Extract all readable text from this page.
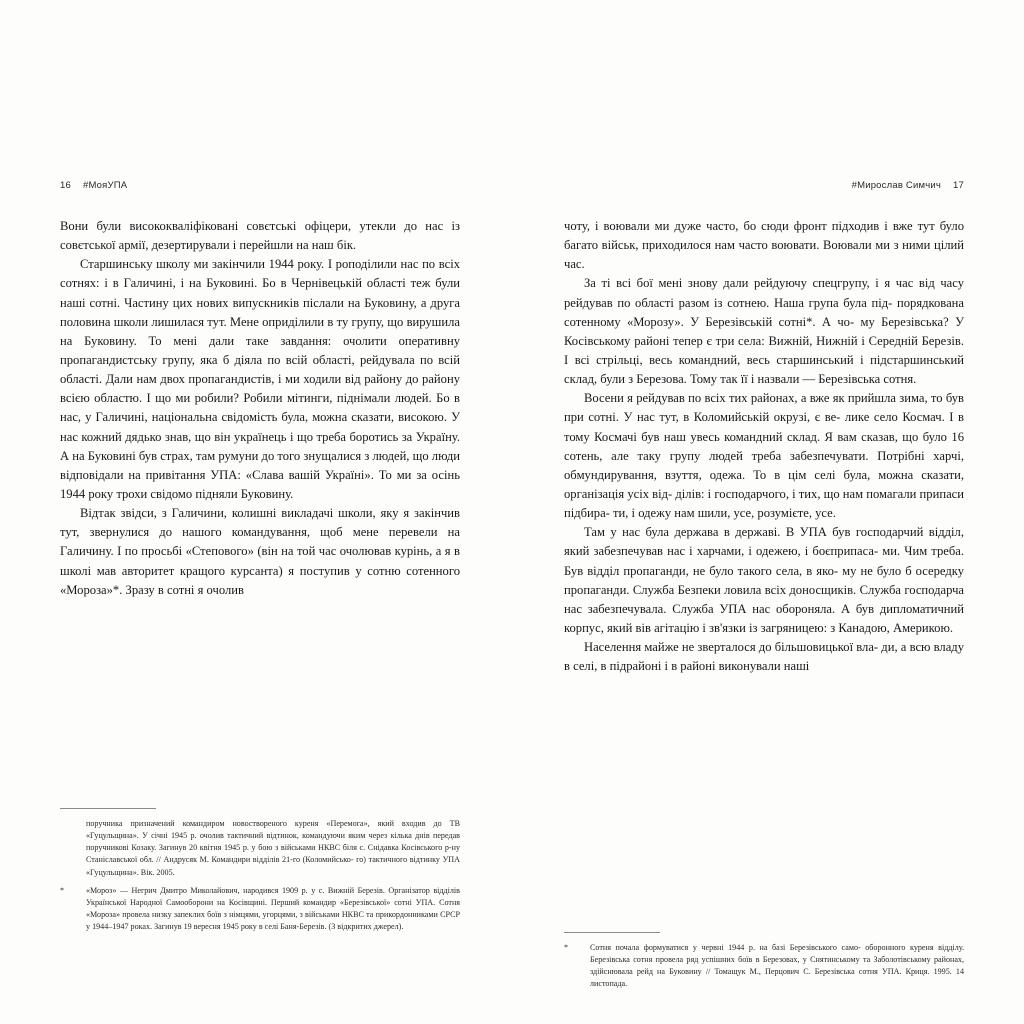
16 #МояУПА

Вони були висококваліфіковані совєтські офіцери, утекли до нас із совєтської армії, дезертирували і перейшли на наш бік.

Старшинську школу ми закінчили 1944 року. І роподілили нас по всіх сотнях: і в Галичині, і на Буковині. Бо в Чернівецькій області теж були наші сотні. Частину цих нових випускників післали на Буковину, а друга половина школи лишилася тут. Мене оприділили в ту групу, що вирушила на Буковину. То мені дали таке завдання: очолити оперативну пропагандистську групу, яка б діяла по всій області, рейдувала по всій області. Дали нам двох пропагандистів, і ми ходили від району до району всією областю. І що ми робили? Робили мітинги, піднімали людей. Бо в нас, у Галичині, національна свідомість була, можна сказати, високою. У нас кожний дядько знав, що він українець і що треба боротись за Україну. А на Буковині був страх, там румуни до того знущалися з людей, що люди відповідали на привітання УПА: «Слава вашій Україні». То ми за осінь 1944 року трохи свідомо підняли Буковину.

Відтак звідси, з Галичини, колишні викладачі школи, яку я закінчив тут, звернулися до нашого командування, щоб мене перевели на Галичину. І по просьбі «Степового» (він на той час очолював курінь, а я в школі мав авторитет кращого курсанта) я поступив у сотню сотенного «Мороза»*. Зразу в сотні я очолив

поручника призначений командиром новоствореного куреня «Перемога», який входив до ТВ «Гуцульщина». У січні 1945 р. очолив тактичний відтинок, командуючи яким через кілька днів передав поручникові Козаку. Загинув 20 квітня 1945 р. у бою з військами НКВС біля с. Снідавка Косівського р-ну Станіславської обл. // Андрусяк М. Командири відділів 21-го (Коломийсько- го) тактичного відтинку УПА «Гуцульщина». Вік. 2005.
*	«Мороз» — Негрич Дмитро Миколайович, народився 1909 р. у с. Вижній Березів. Організатор відділів Української Народної Самооборони на Косівщині. Перший командир «Березівської» сотні УПА. Сотня «Мороза» провела низку запеклих боїв з німцями, угорцями, з військами НКВС та прикордонниками СРСР у 1944–1947 роках. Загинув 19 вересня 1945 року в селі Баня-Березів. (З відкритих джерел).
#Мирослав Симчич 17

чоту, і воювали ми дуже часто, бо сюди фронт підходив і вже тут було багато військ, приходилося нам часто воювати. Воювали ми з ними цілий час.

За ті всі бої мені знову дали рейдуючу спецгрупу, і я час від часу рейдував по області разом із сотнею. Наша група була під- порядкована сотенному «Морозу». У Березівській сотні*. А чо- му Березівська? У Косівському районі тепер є три села: Вижній, Нижній і Середній Березів. І всі стрільці, весь командний, весь старшинський і підстаршинський склад, були з Березова. Тому так її і назвали — Березівська сотня.

Восени я рейдував по всіх тих районах, а вже як прийшла зима, то був при сотні. У нас тут, в Коломийській окрузі, є ве- лике село Космач. І в тому Космачі був наш увесь командний склад. Я вам сказав, що було 16 сотень, але таку групу людей треба забезпечувати. Потрібні харчі, обмундирування, взуття, одежа. То в цім селі була, можна сказати, організація усіх від- ділів: і господарчого, і тих, що нам помагали припаси підбира- ти, і одежу нам шили, усе, розумієте, усе.

Там у нас була держава в державі. В УПА був господарчий відділ, який забезпечував нас і харчами, і одежею, і боєприпаса- ми. Чим треба. Був відділ пропаганди, не було такого села, в яко- му не було б осередку пропаганди. Служба Безпеки ловила всіх доносщиків. Служба господарча нас забезпечувала. Служба УПА нас обороняла. А був дипломатичний корпус, який вів агітацію і зв'язки із загряницею: з Канадою, Америкою.

Населення майже не зверталося до більшовицької вла- ди, а всю владу в селі, в підрайоні і в районі виконували наші

*	Сотня почала формуватися у червні 1944 р. на базі Березівського само- оборонного куреня відділу. Березівська сотня провела ряд успішних боїв в Березовах, у Снятинському та Заболотівському районах, здійснювала рейд на Буковину // Томащук М., Перцович С. Березівська сотня УПА. Криця. 1995. 14 листопада.
